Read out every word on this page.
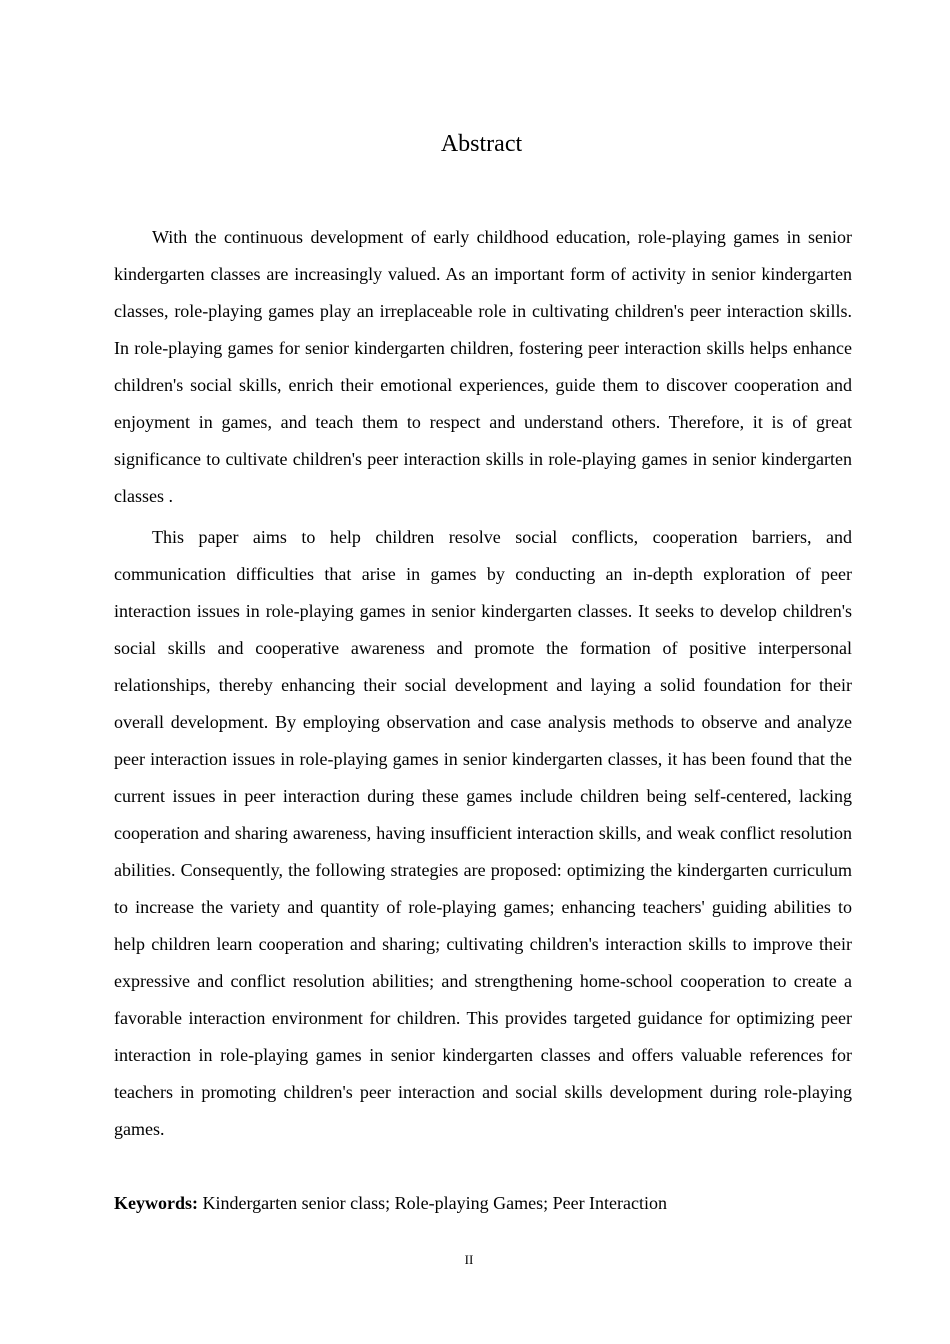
Abstract

With the continuous development of early childhood education, role-playing games in senior kindergarten classes are increasingly valued. As an important form of activity in senior kindergarten classes, role-playing games play an irreplaceable role in cultivating children's peer interaction skills. In role-playing games for senior kindergarten children, fostering peer interaction skills helps enhance children's social skills, enrich their emotional experiences, guide them to discover cooperation and enjoyment in games, and teach them to respect and understand others. Therefore, it is of great significance to cultivate children's peer interaction skills in role-playing games in senior kindergarten classes .

This paper aims to help children resolve social conflicts, cooperation barriers, and communication difficulties that arise in games by conducting an in-depth exploration of peer interaction issues in role-playing games in senior kindergarten classes. It seeks to develop children's social skills and cooperative awareness and promote the formation of positive interpersonal relationships, thereby enhancing their social development and laying a solid foundation for their overall development. By employing observation and case analysis methods to observe and analyze peer interaction issues in role-playing games in senior kindergarten classes, it has been found that the current issues in peer interaction during these games include children being self-centered, lacking cooperation and sharing awareness, having insufficient interaction skills, and weak conflict resolution abilities. Consequently, the following strategies are proposed: optimizing the kindergarten curriculum to increase the variety and quantity of role-playing games; enhancing teachers' guiding abilities to help children learn cooperation and sharing; cultivating children's interaction skills to improve their expressive and conflict resolution abilities; and strengthening home-school cooperation to create a favorable interaction environment for children. This provides targeted guidance for optimizing peer interaction in role-playing games in senior kindergarten classes and offers valuable references for teachers in promoting children's peer interaction and social skills development during role-playing games.

Keywords: Kindergarten senior class; Role-playing Games; Peer Interaction
II
